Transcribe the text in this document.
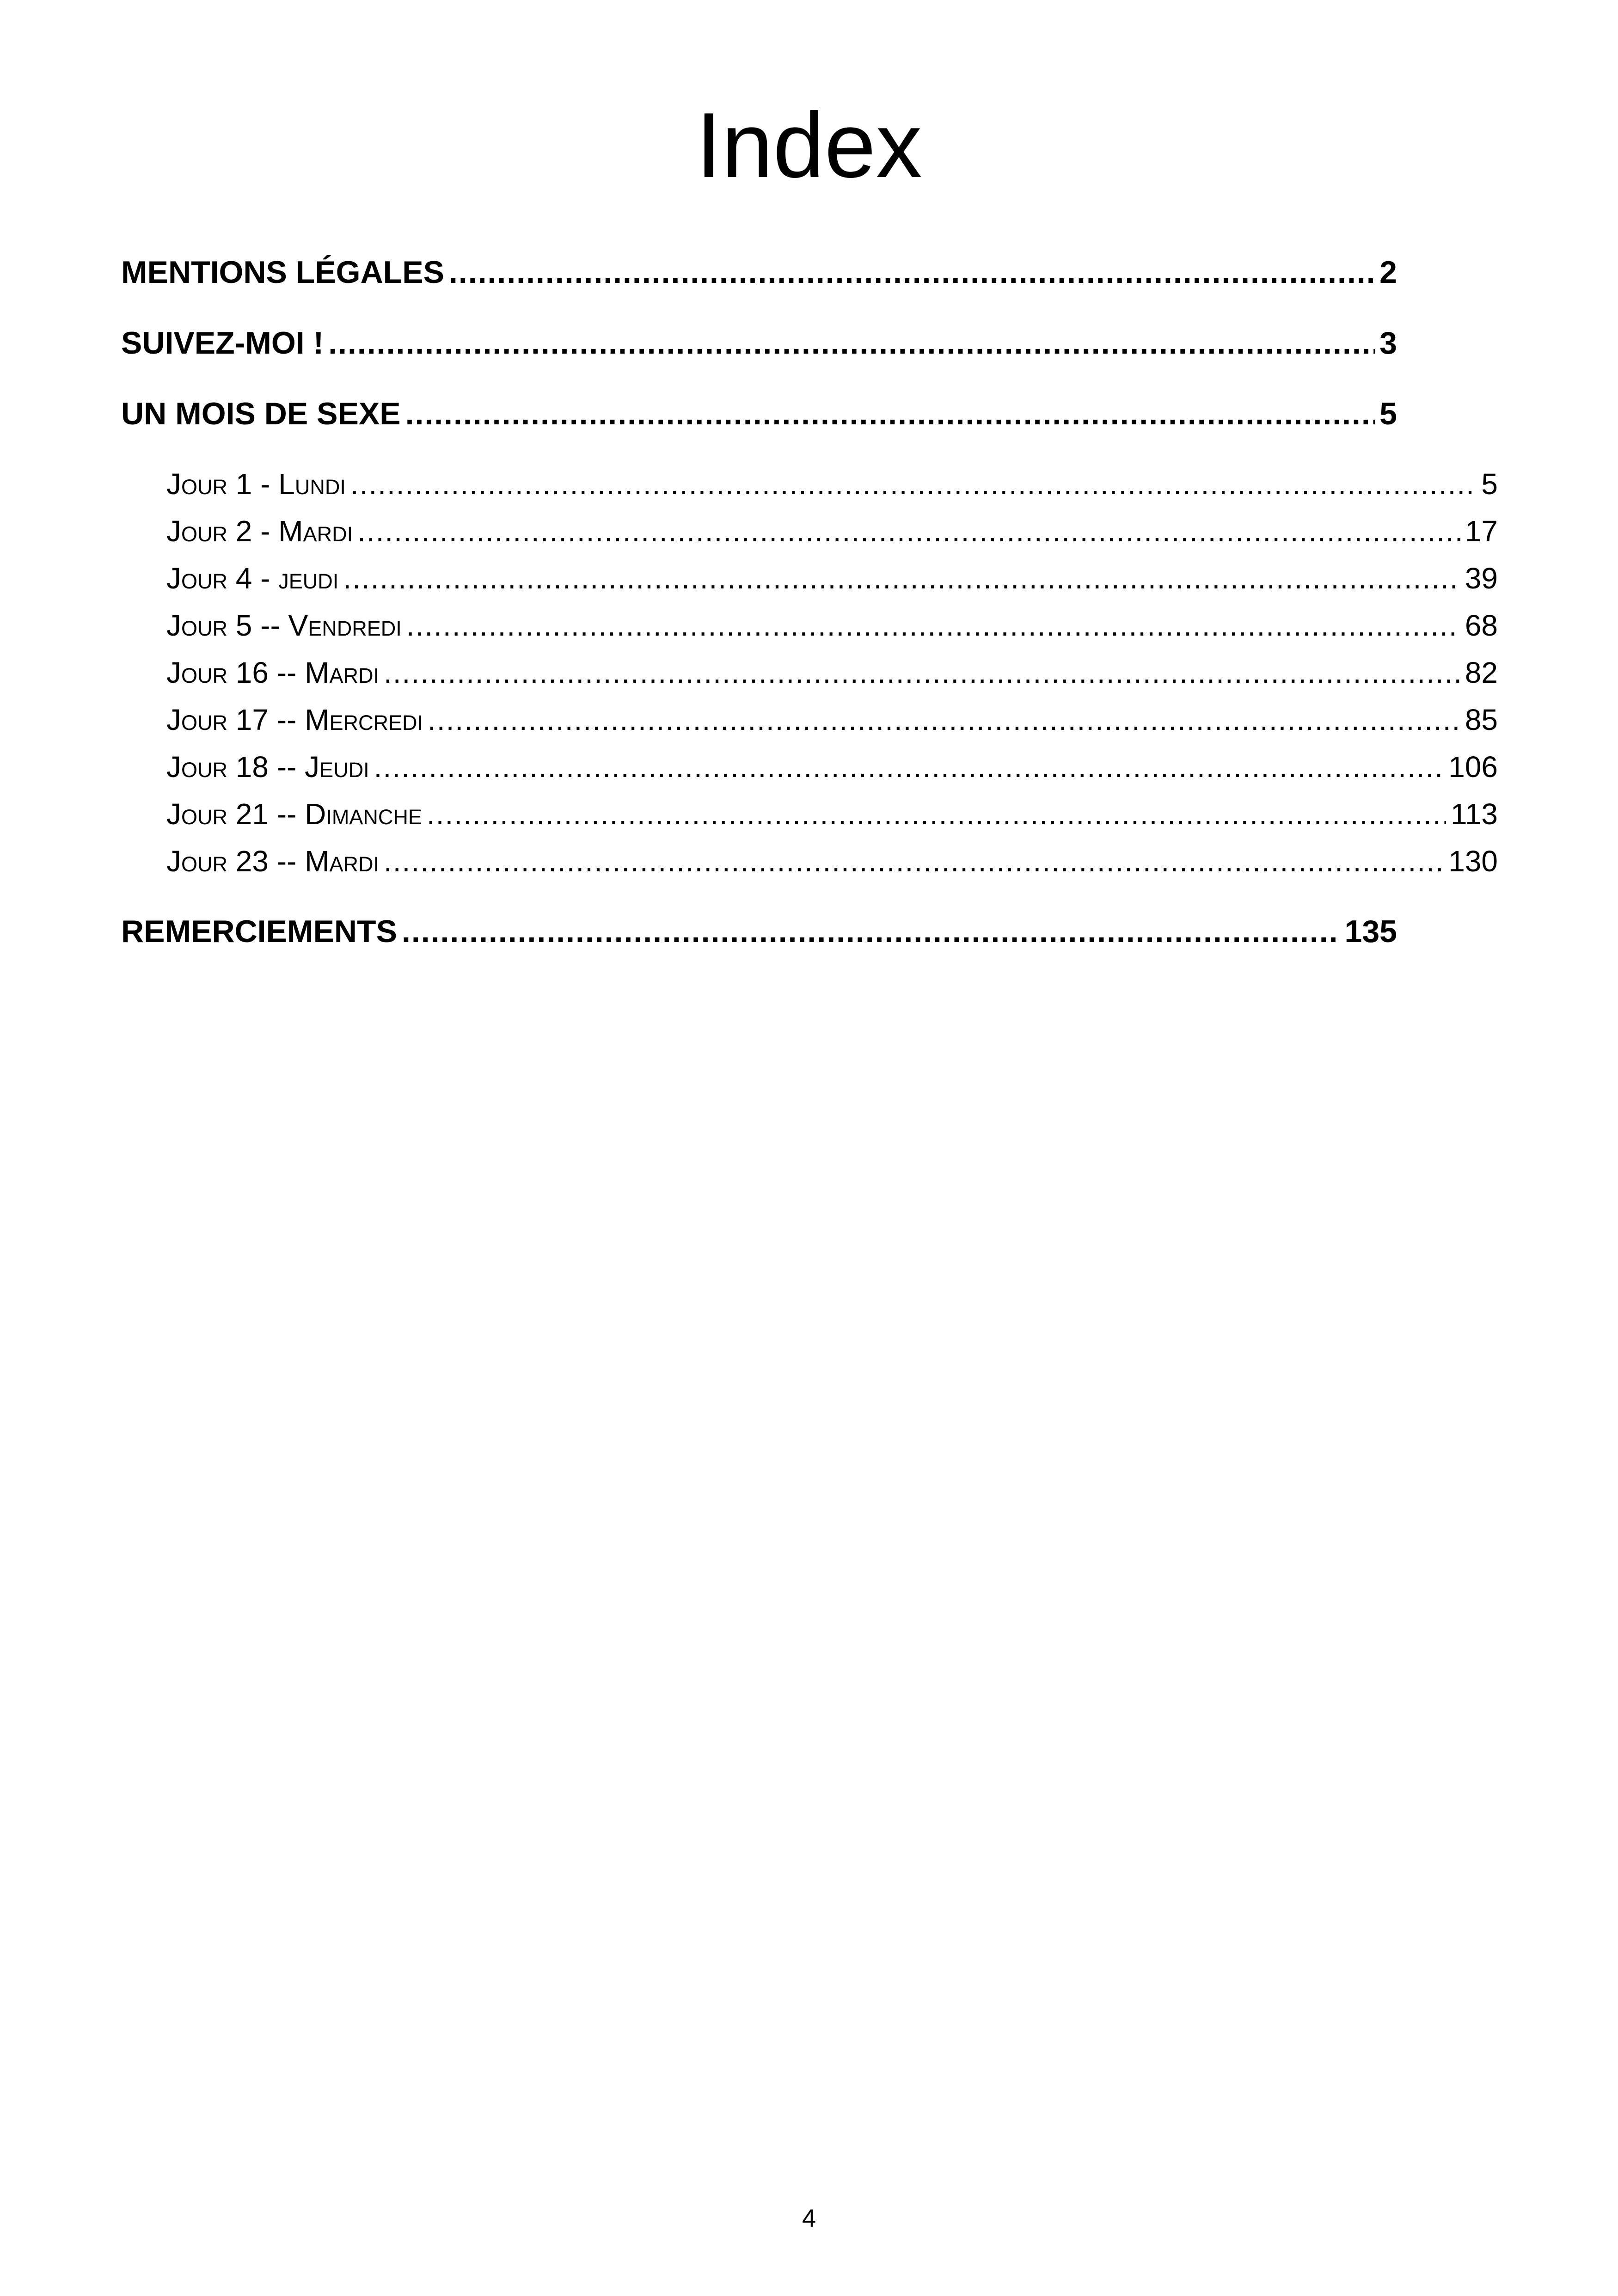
Index
MENTIONS LÉGALES .....	2
SUIVEZ-MOI ! .....	3
UN MOIS DE SEXE .....	5
Jour 1 - Lundi .....	5
Jour 2 - Mardi .....	17
Jour 4 - jeudi .....	39
Jour 5 -- Vendredi .....	68
Jour 16 -- Mardi .....	82
Jour 17 -- Mercredi .....	85
Jour 18 -- Jeudi .....	106
Jour 21 -- Dimanche .....	113
Jour 23 -- Mardi .....	130
REMERCIEMENTS .....	135
4
